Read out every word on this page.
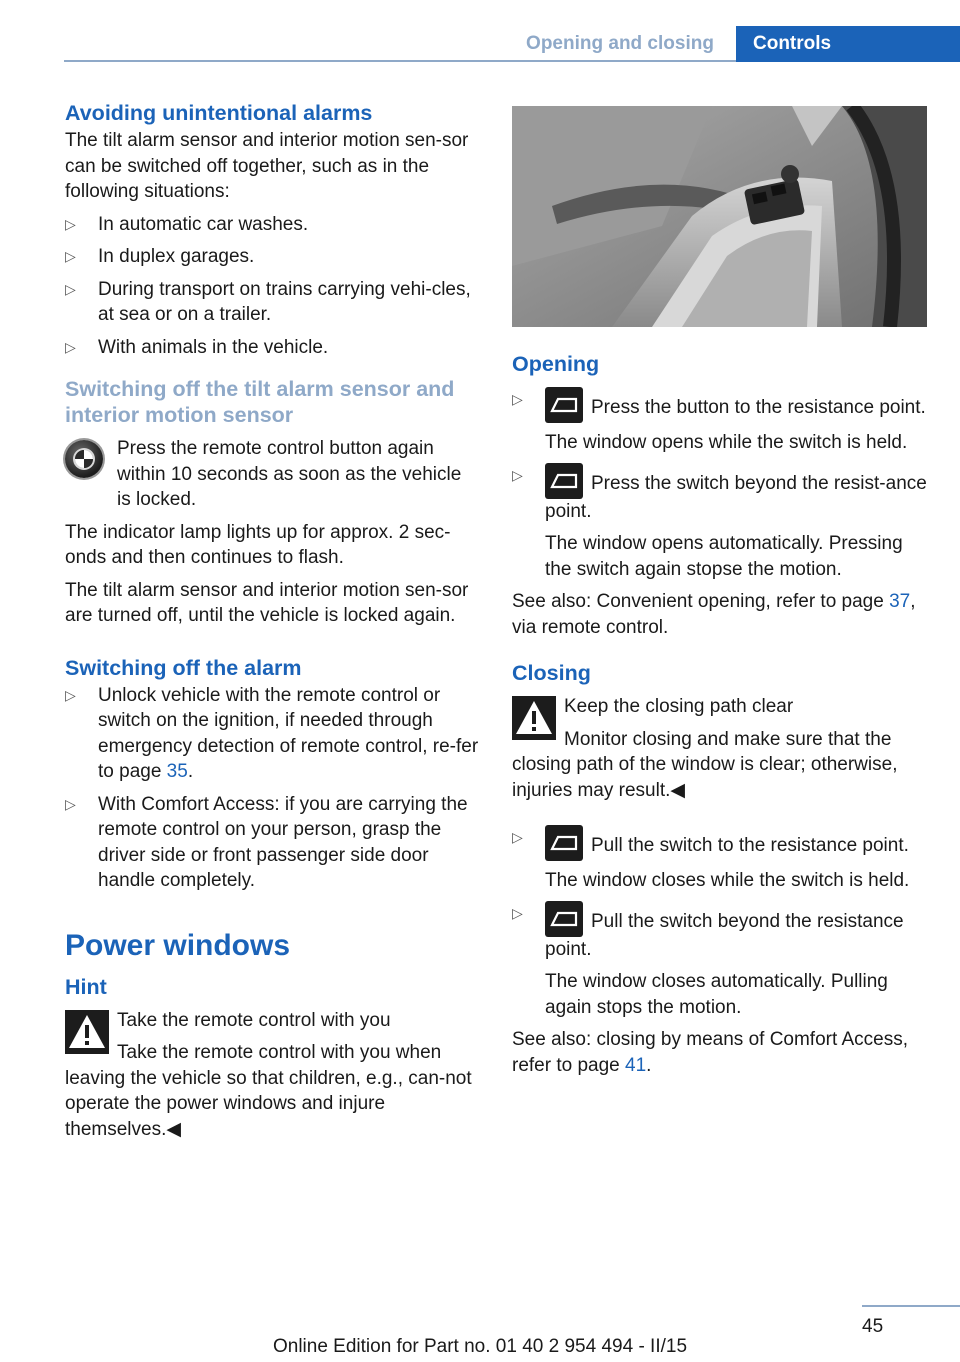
Opening and closing	Controls
Avoiding unintentional alarms

The tilt alarm sensor and interior motion sen‐sor can be switched off together, such as in the following situations:

▷ In automatic car washes.
▷ In duplex garages.
▷ During transport on trains carrying vehi‐cles, at sea or on a trailer.
▷ With animals in the vehicle.
Switching off the tilt alarm sensor and interior motion sensor

Press the remote control button again within 10 seconds as soon as the vehicle is locked.

The indicator lamp lights up for approx. 2 sec‐onds and then continues to flash.

The tilt alarm sensor and interior motion sen‐sor are turned off, until the vehicle is locked again.

Switching off the alarm
▷ Unlock vehicle with the remote control or switch on the ignition, if needed through emergency detection of remote control, re‐fer to page 35.
▷ With Comfort Access: if you are carrying the remote control on your person, grasp the driver side or front passenger side door handle completely.
Power windows
Hint

Take the remote control with you

Take the remote control with you when leaving the vehicle so that children, e.g., can‐not operate the power windows and injure themselves.◀

Opening

▷ Press the button to the resistance point.

The window opens while the switch is held.

▷ Press the switch beyond the resist‐ance point.

The window opens automatically. Pressing the switch again stopse the motion.

See also: Convenient opening, refer to page 37, via remote control.

Closing

Keep the closing path clear

Monitor closing and make sure that the closing path of the window is clear; otherwise, injuries may result.◀

▷ Pull the switch to the resistance point.

The window closes while the switch is held.

▷ Pull the switch beyond the resistance point.

The window closes automatically. Pulling again stops the motion.

See also: closing by means of Comfort Access, refer to page 41.

45
Online Edition for Part no. 01 40 2 954 494 - II/15
